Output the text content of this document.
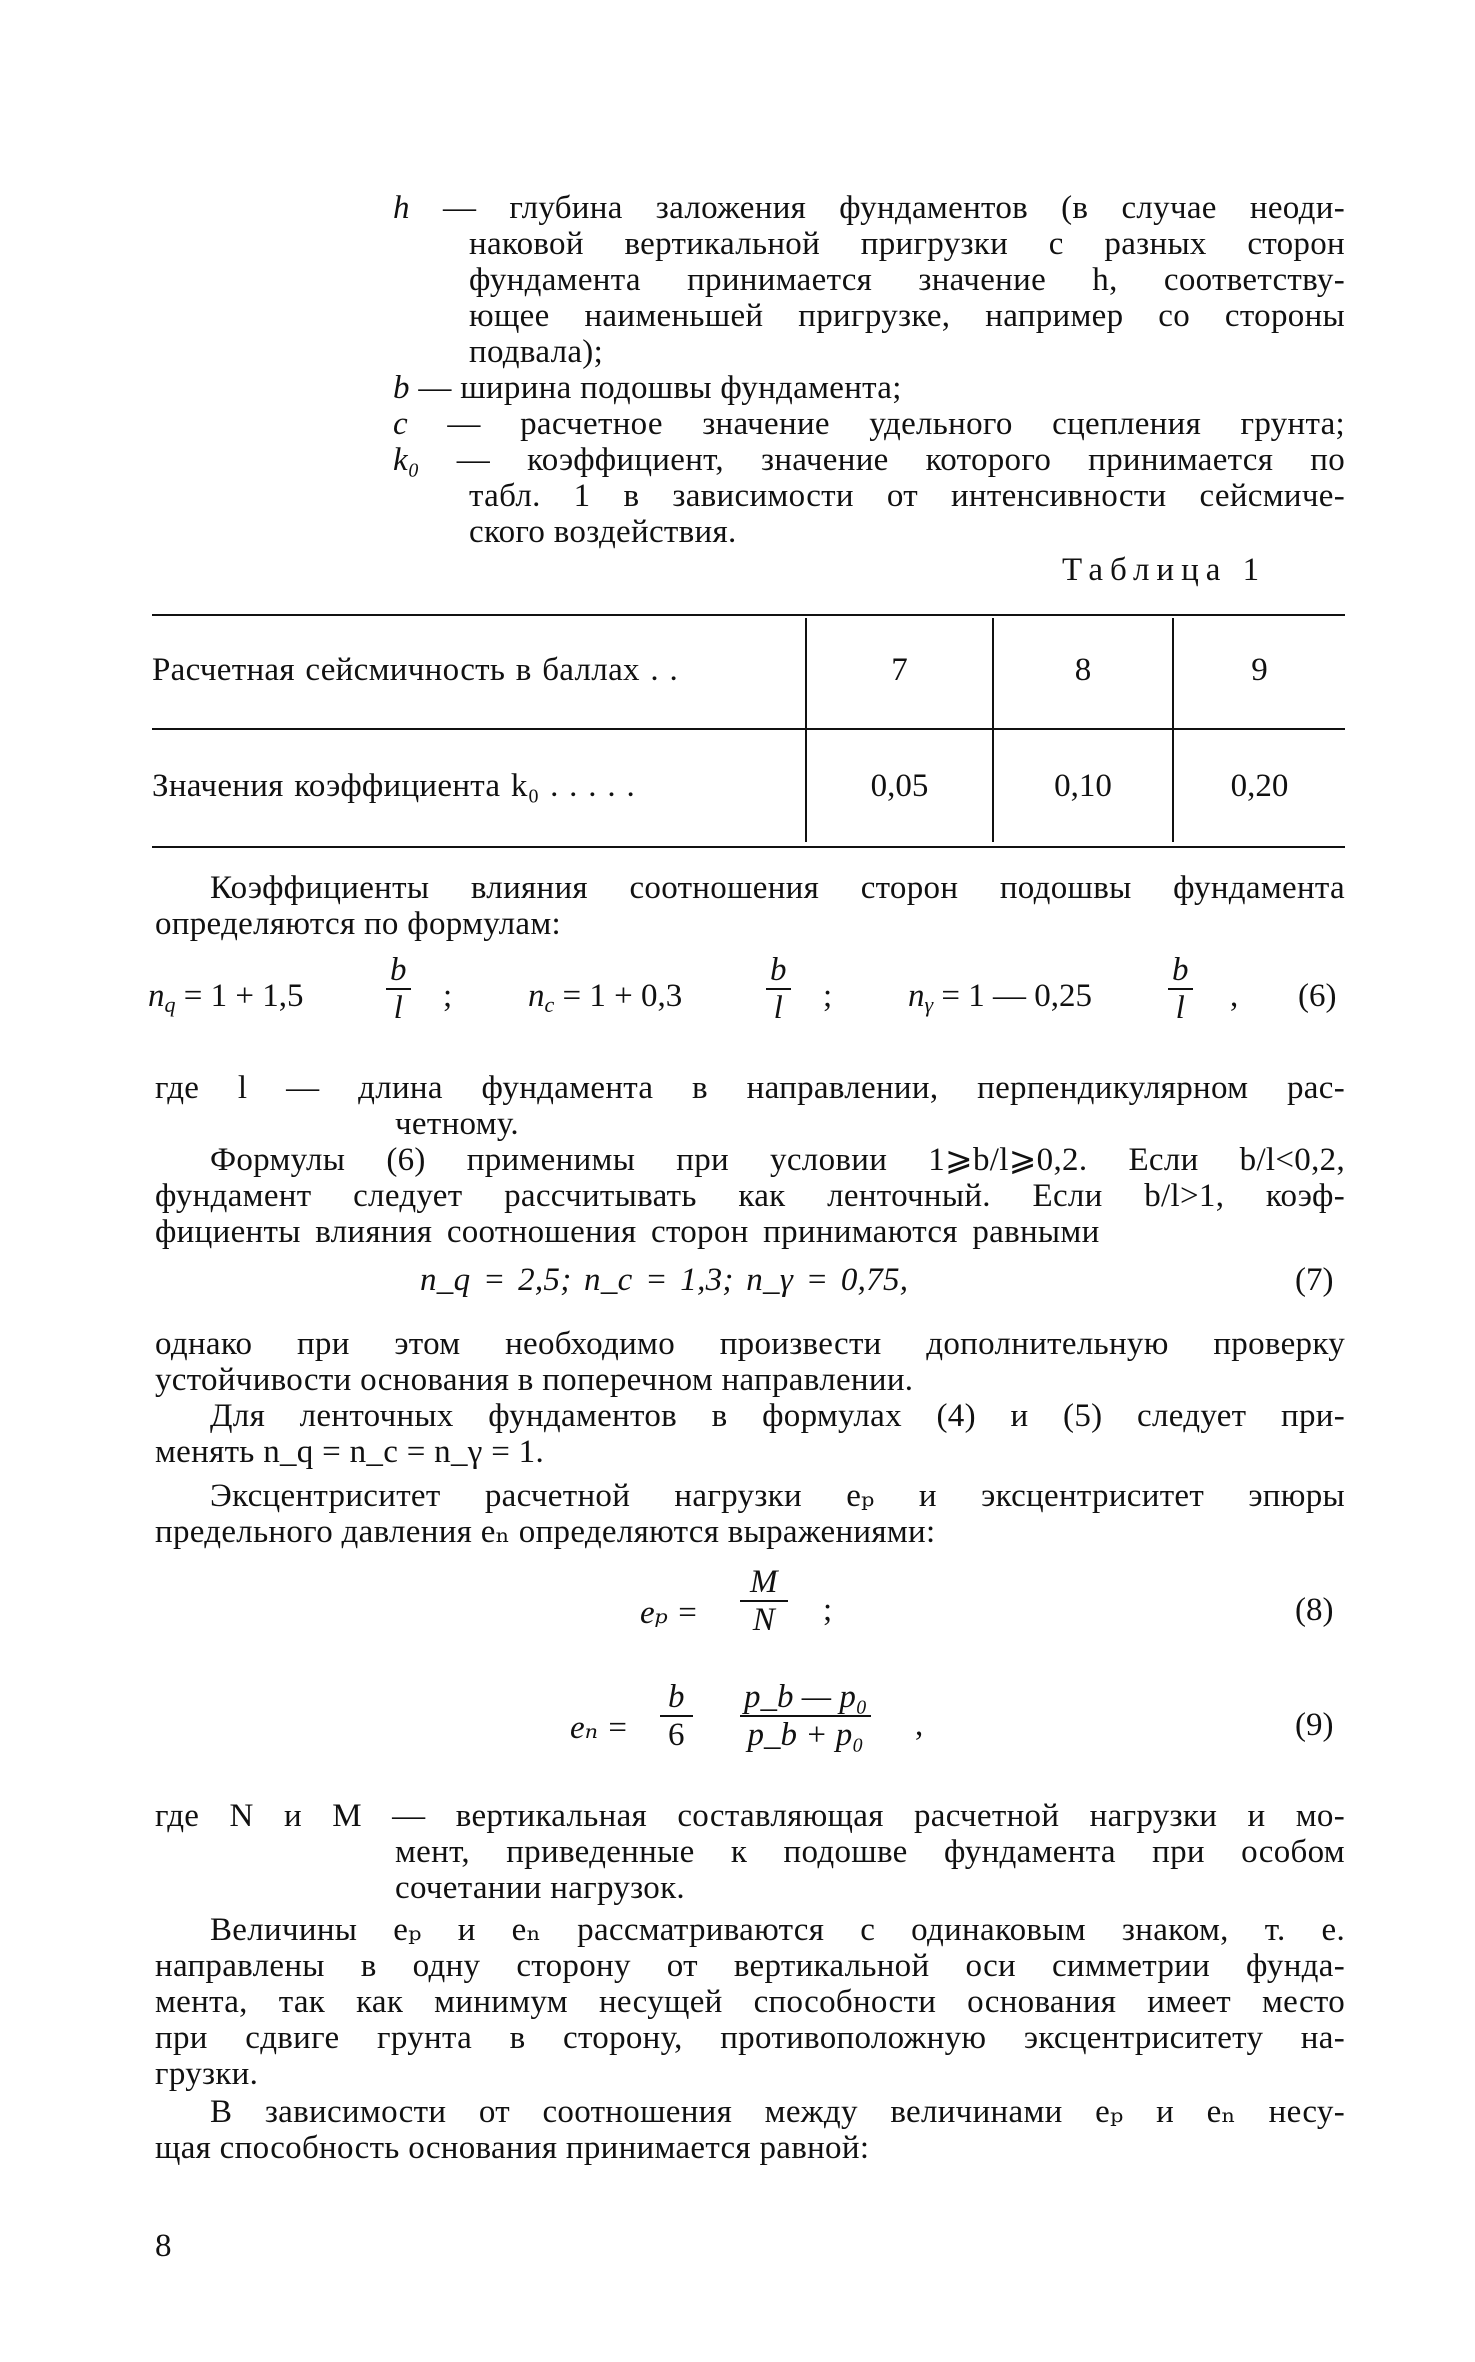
h — глубина заложения фундаментов (в случае неоди-
наковой вертикальной пригрузки с разных сторон
фундамента принимается значение h, соответству-
ющее наименьшей пригрузке, например со стороны
подвала);
b — ширина подошвы фундамента;
c — расчетное значение удельного сцепления грунта;
k₀ — коэффициент, значение которого принимается по
табл. 1 в зависимости от интенсивности сейсмиче-
ского воздействия.
Таблица 1
Расчетная сейсмичность в баллах . .	7	8	9
Значения коэффициента k₀ . . . . .	0,05	0,10	0,20
Коэффициенты влияния соотношения сторон подошвы фундамента
определяются по формулам:
$n_q = 1 + 1,5$	$\frac{b}{l}$ ; $n_c = 1 + 0,3$	$\frac{b}{l}$ ; $n_\gamma = 1$ — $0,25 \frac{b}{l}$ , (6)
где l — длина фундамента в направлении, перпендикулярном рас-
четному.
Формулы (6) применимы при условии 1⩾b/l⩾0,2. Если b/l<0,2,
фундамент следует рассчитывать как ленточный. Если b/l>1, коэф-
фициенты влияния соотношения сторон принимаются равными
n_q = 2,5; n_c = 1,3; n_γ = 0,75,	(7)
однако при этом необходимо произвести дополнительную проверку
устойчивости основания в поперечном направлении.
Для ленточных фундаментов в формулах (4) и (5) следует при-
менять n_q = n_c = n_γ = 1.
Эксцентриситет расчетной нагрузки eₚ и эксцентриситет эпюры
предельного давления eₙ определяются выражениями:
$e_p = \frac{M}{N}$ ;	(8)
$e_n = \frac{b}{6} \frac{\text{p\_b — p₀}}{\text{p\_b + p₀}}$ ,	(9)
где N и M — вертикальная составляющая расчетной нагрузки и мо-
мент, приведенные к подошве фундамента при особом
сочетании нагрузок.
Величины eₚ и eₙ рассматриваются с одинаковым знаком, т. е.
направлены в одну сторону от вертикальной оси симметрии фунда-
мента, так как минимум несущей способности основания имеет место
при сдвиге грунта в сторону, противоположную эксцентриситету на-
грузки.
В зависимости от соотношения между величинами eₚ и eₙ несу-
щая способность основания принимается равной:
8
